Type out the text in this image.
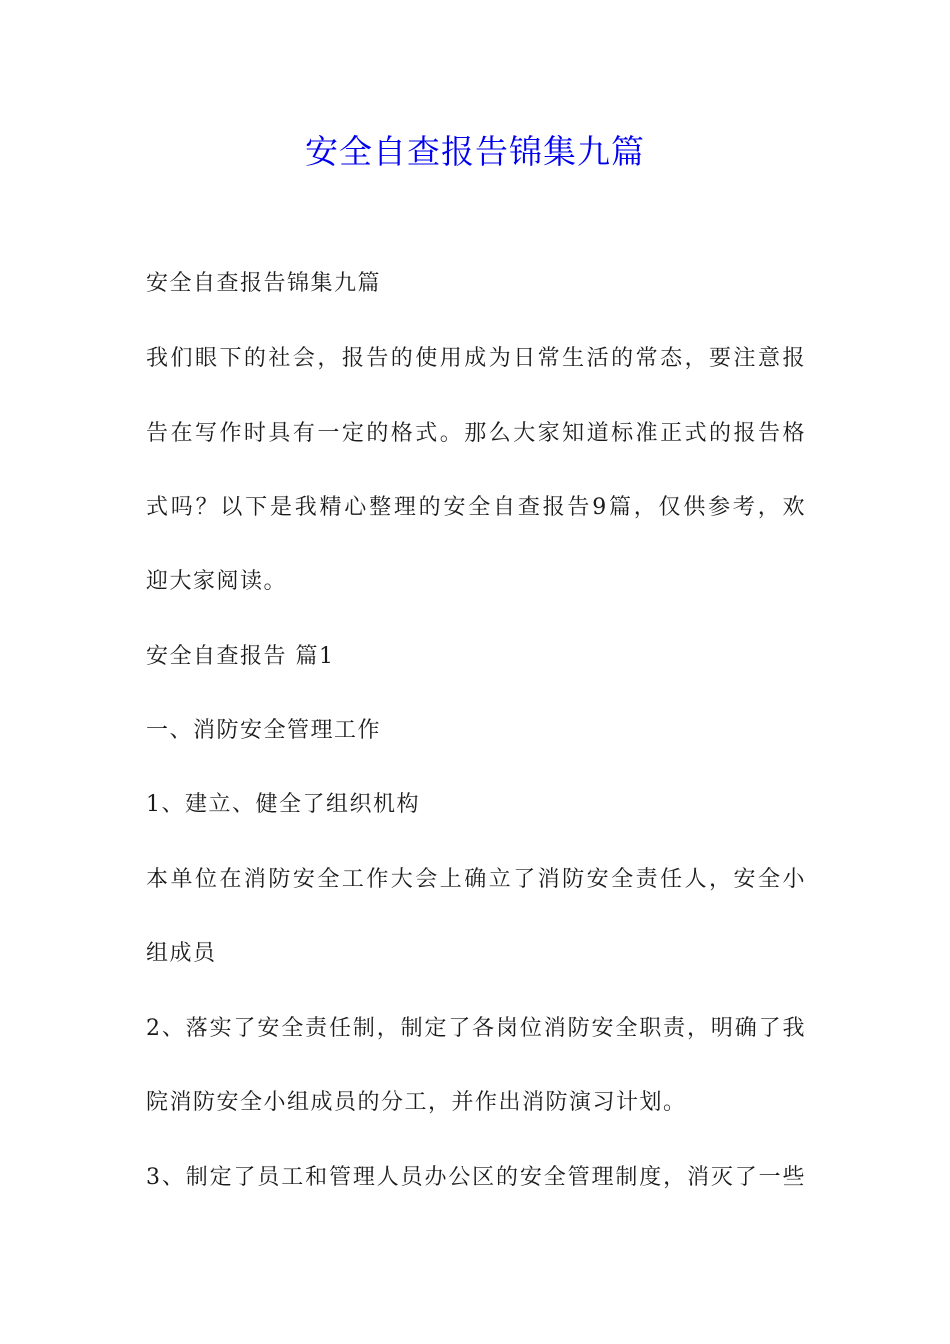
安全自查报告锦集九篇
安全自查报告锦集九篇
我们眼下的社会，报告的使用成为日常生活的常态，要注意报
告在写作时具有一定的格式。那么大家知道标准正式的报告格
式吗？以下是我精心整理的安全自查报告9篇，仅供参考，欢
迎大家阅读。
安全自查报告 篇1
一、消防安全管理工作
1、建立、健全了组织机构
本单位在消防安全工作大会上确立了消防安全责任人，安全小
组成员
2、落实了安全责任制，制定了各岗位消防安全职责，明确了我
院消防安全小组成员的分工，并作出消防演习计划。
3、制定了员工和管理人员办公区的安全管理制度，消灭了一些
